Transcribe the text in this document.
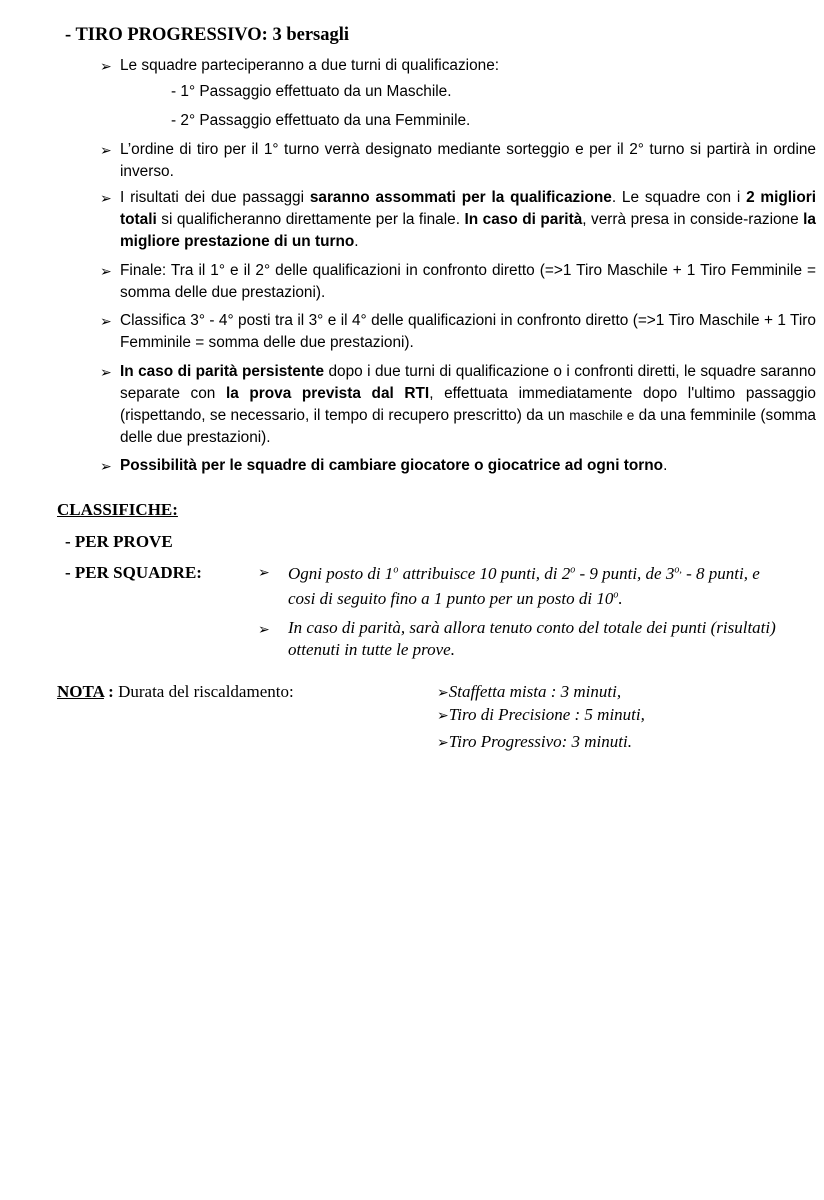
- TIRO PROGRESSIVO: 3 bersagli
➢ Le squadre parteciperanno a due turni di qualificazione:
- 1° Passaggio effettuato da un Maschile.
- 2° Passaggio effettuato da una Femminile.
➢ L’ordine di tiro per il 1° turno verrà designato mediante sorteggio e per il 2° turno si partirà in ordine inverso.
➢ I risultati dei due passaggi saranno assommati per la qualificazione. Le squadre con i 2 migliori totali si qualificheranno direttamente per la finale. In caso di parità, verrà presa in conside-razione la migliore prestazione di un turno.
➢ Finale: Tra il 1° e il 2° delle qualificazioni in confronto diretto (=>1 Tiro Maschile + 1 Tiro Femminile = somma delle due prestazioni).
➢ Classifica 3° - 4° posti tra il 3° e il 4° delle qualificazioni in confronto diretto (=>1 Tiro Maschile + 1 Tiro Femminile = somma delle due prestazioni).
➢ In caso di parità persistente dopo i due turni di qualificazione o i confronti diretti, le squadre saranno separate con la prova prevista dal RTI, effettuata immediatamente dopo l'ultimo passaggio (rispettando, se necessario, il tempo di recupero prescritto) da un maschile e da una femminile (somma delle due prestazioni).
➢ Possibilità per le squadre di cambiare giocatore o giocatrice ad ogni torno.
CLASSIFICHE:
- PER PROVE
- PER SQUADRE:	➢ Ogni posto di 1$^o$ attribuisce 10 punti, di 2$^o$ - 9 punti, de $3^{o,} - 8$ punti, e cosi di seguito fino a 1 punto per un posto di 10$^o$.
➢ In caso di parità, sarà allora tenuto conto del totale dei punti (risultati) ottenuti in tutte le prove.
NOTA : Durata del riscaldamento:	➢Staffetta mista : 3 minuti,
➢Tiro di Precisione : 5 minuti,
➢Tiro Progressivo: 3 minuti.
